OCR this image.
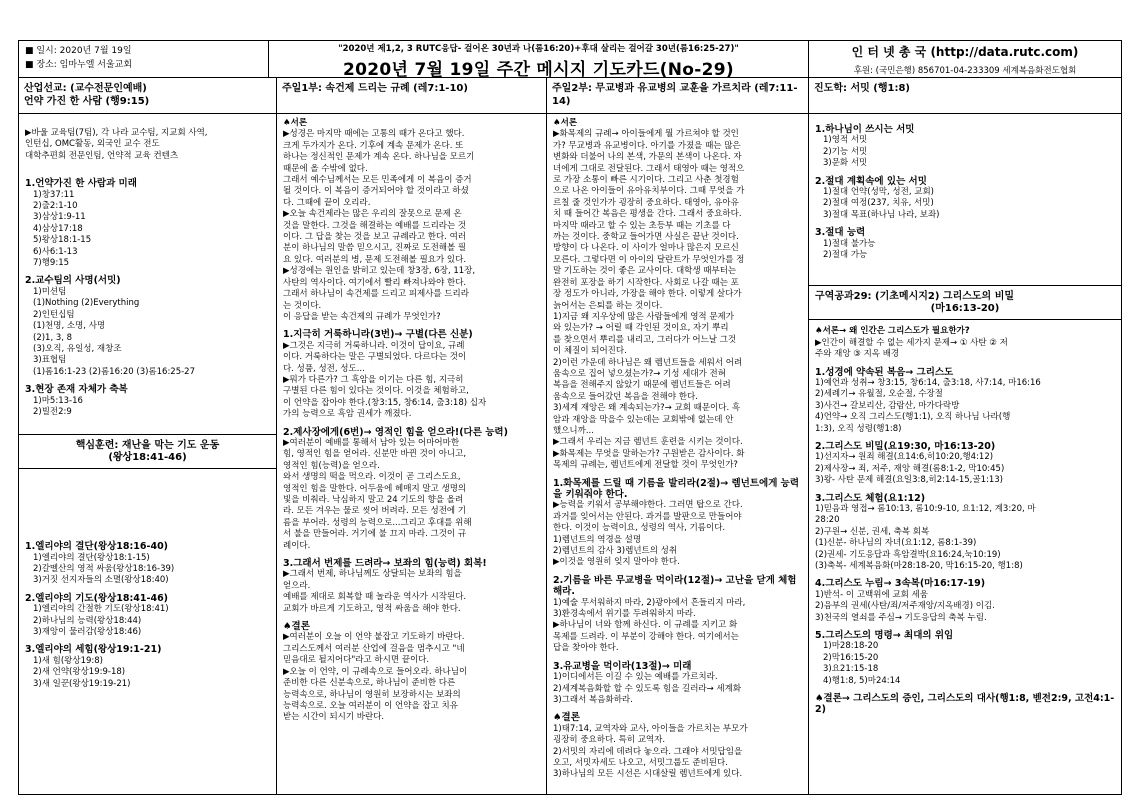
■ 일시: 2020년 7월 19일
■ 장소: 임마누엘 서울교회
"2020년 제1,2, 3 RUTC응답- 걸어온 30년과 나(롬16:20)+후대 살리는 걸어갈 30년(롬16:25-27)"
2020년 7월 19일 주간 메시지 기도카드(No-29)
인 터 넷 총 국 (http://data.rutc.com)
후원: (국민은행) 856701-04-233309 세계복음화전도협회
산업선교: (교수전문인예배)
언약 가진 한 사람 (행9:15)
▶바울 교육팀(7팀), 각 나라 교수팀, 지교회 사역,
인턴십, OMC활동, 외국인 교수 전도
대학추편회 전문인팀, 언약적 교육 컨텐츠
1.언약가진 한 사람과 미래
1)창37:11
2)출2:1-10
3)삼상1:9-11
4)삼상17:18
5)왕상18:1-15
6)사6:1-13
7)행9:15
2.교수팀의 사명(서밋)
1)미션팀
(1)Nothing (2)Everything
2)인턴십팀
(1)천명, 소명, 사명
(2)1, 3, 8
(3)오직, 유일성, 재창조
3)표협팀
(1)롬16:1-23 (2)롬16:20 (3)롬16:25-27
3.현장 존재 자체가 축복
1)마5:13-16
2)빌전2:9
핵심훈련: 재난을 막는 기도 운동
(왕상18:41-46)
1.엘리야의 결단(왕상18:16-40)
1)엘리야의 결단(왕상18:1-15)
2)갈멜산의 영적 싸움(왕상18:16-39)
3)거짓 선지자들의 소멸(왕상18:40)
2.엘리야의 기도(왕상18:41-46)
1)엘리야의 간절한 기도(왕상18:41)
2)하나님의 능력(왕상18:44)
3)재앙이 물러감(왕상18:46)
3.엘리야의 세힘(왕상19:1-21)
1)새 힘(왕상19:8)
2)새 언약(왕상19:9-18)
3)새 일꾼(왕상19:19-21)
주일1부: 속건제 드리는 규례 (레7:1-10)
♠서론
▶성경은 마지막 때에는 고통의 때가 온다고 했다.
크게 두가지가 온다. 기후에 계속 문제가 온다. 또
하나는 정신적인 문제가 계속 온다. 하나님을 모르기
때문에 올 수밖에 없다.
그래서 예수님께서는 모든 민족에게 이 복음이 증거
될 것이다. 이 복음이 증거되어야 할 것이라고 하셨
다. 그때에 끝이 오리라.
▶오늘 속건제라는 많은 우리의 잘못으로 문제 온
것을 말한다. 그것을 해결하는 예배를 드리라는 것
이다. 그 답을 찾는 것을 보고 규례라고 한다. 여러
분이 하나님의 말씀 믿으시고, 진짜로 도전해볼 필
요 있다. 여러분의 병, 문제 도전해볼 필요가 있다.
▶성경에는 원인을 밝히고 있는데 창3장, 6장, 11장,
사탄의 역사이다. 여기에서 빨리 빠져나와야 한다.
그래서 하나님이 속건제를 드리고 피제사를 드리라
는 것이다.
이 응답을 받는 속건제의 규례가 무엇인가?
1.지극히 거룩하니라(3번)→ 구별(다른 신분)
▶그것은 지극히 거룩하니라. 이것이 답이요, 규례
이다. 거룩하다는 말은 구별되었다. 다르다는 것이
다. 성품, 성전, 성도...
▶뭐가 다른가? 그 흑암을 이기는 다른 힘, 지극히
구별된 다른 힘이 있다는 것이다. 이것을 체험하고,
이 언약을 잡아야 한다.(창3:15, 창6:14, 출3:18) 십자
가의 능력으로 흑암 권세가 깨졌다.
2.제사장에게(6번)→ 영적인 힘을 얻으라!(다른 능력)
▶여러분이 예배를 통해서 남아 있는 어마어마한
힘, 영적인 힘을 얻어라. 신분만 바뀐 것이 아니고,
영적인 힘(능력)을 얻으라.
와서 생명의 떡을 먹으라. 이것이 곧 그리스도요,
영적인 힘을 말한다. 어두움에 헤매지 말고 생명의
빛을 비춰라. 낙심하지 말고 24 기도의 향을 올려
라. 모든 겨우는 물로 씻어 버려라. 모든 성전에 기
름을 부어라. 성령의 능력으로...그리고 후대를 위해
서 불을 만들어라. 거기에 불 끄지 마라. 그것이 규
례이다.
3.그래서 번제를 드려라→ 보좌의 힘(능력) 회복!
▶그래서 번제, 하나님께도 상달되는 보좌의 힘을
얻으라.
예배를 제대로 회복할 때 놀라운 역사가 시작된다.
교회가 바르게 기도하고, 영적 싸움을 해야 한다.
♠결론
▶여러분이 오늘 이 언약 붙잡고 기도하기 바란다.
그리스도께서 여러분 산업에 걸음을 멈추시고 "네
믿음대로 될지어다"라고 하시면 끝이다.
▶오늘 이 언약, 이 규례속으로 들어오라. 하나님이
준비한 다른 신분속으로, 하나님이 준비한 다른
능력속으로, 하나님이 영원히 보장하시는 보좌의
능력속으로. 오늘 여러분이 이 언약을 잡고 치유
받는 시간이 되시기 바란다.
주일2부: 무교병과 유교병의 교훈을 가르치라 (레7:11-14)
♠서론
▶화목제의 규례→ 아이들에게 뭘 가르쳐야 할 것인
가? 무교병과 유교병이다. 아기를 가졌을 때는 많은
변화와 더불어 나의 본색, 가문의 본색이 나온다. 자
녀에게 그대로 전달된다. 그래서 태영아 때는 영적으
로 가장 소통이 빠른 시기이다. 그리고 사춘 첫경험
으로 나온 아이들이 유아유치부이다. 그때 무엇을 가
르칠 줄 것인가가 굉장히 중요하다. 태영아, 유아유
치 때 들어간 복음은 평생을 간다. 그래서 중요하다.
마지막 때라고 할 수 있는 초등부 때는 기초를 다
까는 것이다. 중학교 들어가면 사실은 끝난 것이다.
방향이 다 나온다. 이 사이가 얼마나 많은지 모르신
모른다. 그렇다면 이 아이의 달란트가 무엇인가를 정
말 기도하는 것이 좋은 교사이다. 대학생 때부터는
완전히 포장을 하기 시작한다. 사회로 나갈 때는 포
장 정도가 아니라, 가장을 해야 한다. 이렇게 살다가
늙어서는 은퇴를 하는 것이다.
1)지금 왜 지우상에 많은 사람들에게 영적 문제가
와 있는가? → 어릴 때 각인된 것이요, 자기 뿌리
를 찾으면서 뿌리를 내리고, 그러다가 어느날 그것
이 체질이 되어진다.
2)이런 가운데 하나님은 왜 렘넌트들을 세워서 어려
움속으로 집어 넣으셨는가?→ 기성 세대가 전혀
복음을 전해주지 않았기 때문에 렘넌트들은 어려
움속으로 들어갔던 복음을 전해야 한다.
3)세계 재앙은 왜 계속되는가?→ 교회 때문이다. 흑
암과 재앙을 막을수 있는데는 교회밖에 없는데 안
했으니까...
▶그래서 우리는 지금 렘넌트 훈련을 시키는 것이다.
▶화목제는 무엇을 말하는가? 구원받은 감사이다. 화
목제의 규례는, 렘넌트에게 전달할 것이 무엇인가?
1.화목제를 드릴 때 기름을 발리라(2절)→ 렘넌트에게 능력을 키워줘야 한다.
▶능력을 키워서 공부해야한다. 그러면 탑으로 간다.
과거를 잊어서는 안된다. 과거를 발판으로 만들어야
한다. 이것이 능력이요, 성령의 역사, 기름이다.
1)렘넌트의 역경을 설명
2)렘넌트의 감사 3)렘넌트의 성취
▶이것을 영원히 잊지 말아야 한다.
2.기름을 바른 무교병을 먹이라(12절)→ 고난을 닫게 체험해라.
1)예술 무서워하지 마라, 2)광야에서 흔들리지 마라,
3)환경속에서 위기를 두려워하지 마라.
▶하나님이 너와 함께 하신다. 이 규례를 지키고 화
목제를 드려라. 이 부분이 강해야 한다. 여기에서는
답을 찾아야 한다.
3.유교병을 먹이라(13절)→ 미래
1)이디에서든 이길 수 있는 예배를 가르치라.
2)세계복음화할 할 수 있도록 힘을 길러라→ 세계화
3)그래서 복음화하라.
♠결론
1)태7:14, 교역자와 교사, 아이들을 가르치는 부모가
굉장히 중요하다. 특히 교역자.
2)서밋의 자리에 데려다 놓으라. 그래야 서밋답임을
오고, 서밋자세도 나오고, 서밋그룹도 준비된다.
3)하나님의 모든 시선은 시대살릴 렘넌트에게 있다.
진도학: 서밋 (행1:8)
1.하나님이 쓰시는 서밋
1)영적 서밋
2)기능 서밋
3)문화 서밋
2.절대 계획속에 있는 서밋
1)절대 언약(성막, 성전, 교회)
2)절대 여정(237, 치유, 서밋)
3)절대 목표(하나님 나라, 보좌)
3.절대 능력
1)절대 불가능
2)절대 가능
구역공과29: (기초메시지2) 그리스도의 비밀
(마16:13-20)
♠서론→ 왜 인간은 그리스도가 필요한가?
▶인간이 해결할 수 없는 세가지 문제→ ① 사탄 ② 저
주와 재앙 ③ 지옥 배경
1.성경에 약속된 복음→ 그리스도
1)예언과 성취→ 창3:15, 창6:14, 출3:18, 사7:14, 마16:16
2)세례기→ 유월절, 오순절, 수장절
3)사건→ 갈보리산, 감람산, 마가다락방
4)언약→ 오직 그리스도(행1:1), 오직 하나님 나라(행
1:3), 오직 성령(행1:8)
2.그리스도 비밀(요19:30, 마16:13-20)
1)선지자→ 원죄 해결(요14:6,히10:20,행4:12)
2)제사장→ 죄, 저주, 재앙 해결(롬8:1-2, 막10:45)
3)왕- 사탄 문제 해결(요일3:8,히2:14-15,골1:13)
3.그리스도 체험(요1:12)
1)믿음과 영접→ 롬10:13, 롬10:9-10, 요1:12, 계3:20, 마
28:20
2)구원→ 신분, 권세, 축복 회복
(1)신분- 하나님의 자녀(요1:12, 롬8:1-39)
(2)권세- 기도응답과 흑암결박(요16:24,눅10:19)
(3)축복- 세계복음화(마28:18-20, 막16:15-20, 행1:8)
4.그리스도 누림→ 3속복(마16:17-19)
1)반석- 이 고백위에 교회 세움
2)음부의 권세(사탄/죄/저주재앙/지옥배경) 이김.
3)천국의 열쇠를 주심→ 기도응답의 축복 누림.
5.그리스도의 명령→ 최대의 위임
1)마28:18-20
2)막16:15-20
3)요21:15-18
4)행1:8, 5)마24:14
♠결론→ 그리스도의 증인, 그리스도의 대사(행1:8, 벧전2:9, 고전4:1-2)
